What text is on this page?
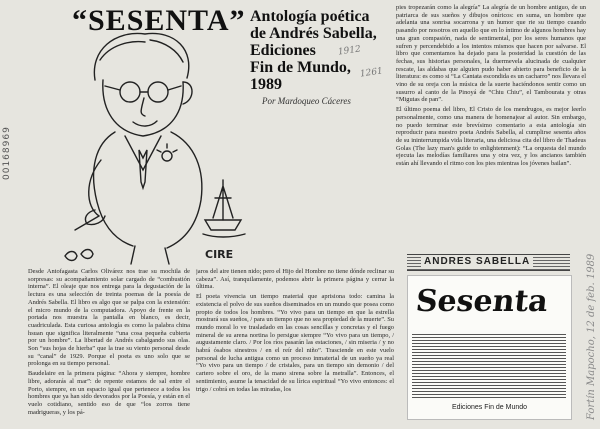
00168969
Fortín Mapocho, 12 de feb. 1989
“SESENTA” Antología poética
de Andrés Sabella,
Ediciones
Fin de Mundo,
1989
1912
1261
Por Mardoqueo Cáceres
CIRE

Desde Antofagasta Carlos Olivárez nos trae su mochila de sorpresas: su acompañamiento solar cargado de “combustión interna”. El oleaje que nos entrega para la degustación de la lectura es una selección de treinta poemas de la poesía de Andrés Sabella. El libro es algo que se palpa con la extensión: el micro mundo de la computadora. Apoyo de frente en la portada nos muestra la pantalla en blanco, es decir, cuadriculada. Esta curiosa antología es como la palabra china hsuan que significa literalmente “una cosa pequeña cubierta por un hombre”. La libertad de Andrés cabalgando sus olas. Son “sus hojas de hierba” que la trae su viento personal desde su “canal” de 1929. Porque el poeta es uno solo que se prolonga en su tiempo personal.

Baudelaire en la primera página: “Ahora y siempre, hombre libre, adorarás al mar”: de repente estamos de sal entre el Porto, siempre, en un espacio igual que pertenece a todos los hombres que ya han sido devorados por la Poesía, y están en el vuelo cotidiano, sentido eso de que “los zorros tiene madrigueras, y los pá-

jaros del aire tienen nido; pero el Hijo del Hombre no tiene dónde reclinar su cabeza”. Así, tranquilamente, podemos abrir la primera página y cerrar la última.

El poeta vivencia un tiempo material que aprisiona todo: camina la existencia el polvo de sus sueños diseminados en un mundo que posea como propio de todos los hombres. “Yo vivo para un tiempo en que la estrella mostrará sus sueños, / para un tiempo que no sea propiedad de la muerte”. Su mundo moral lo ve trasladado en las cosas sencillas y concretas y el fuego mineral de su arena nortina lo persigue siempre “Yo vivo para un tiempo, / augustamente claro. / Por los ríos pasarán las estaciones, / sin miseria / y no habrá ósabos sinestros / en el reír del niño”. Trasciende en este vuelo personal de lucha antigua como un proceso inmaterial de un sueño ya real “Yo vivo para un tiempo / de cristales, para un tiempo sin demonio / del cartero sobre el oro, de la mano sirena sobre la metralla”. Entonces, el sentimiento, asume la tenacidad de su lírica espiritual “Yo vivo entonces: el trigo / cobrá en todas las miradas, los

pies tropezarán como la alegría” La alegría de un hombre antiguo, de un patriarca de sus sueños y dibujos oníricos: en suma, un hombre que adelanta una sonrisa socarrona y un humor que rie su tiempo cuando pasando por nosotros en aquello que en lo íntimo de algunos hombres hay una gran compasión, nada de sentimental, por los seres humanos que sufren y percendebido a los intentos mismos que hacen por salvarse. El libro que comentamos ha dejado para la posteridad la cuestión de las fechas, sus historias personales, la duermevela alucinada de cualquier rescate, las aldabas que alguien pudo haber abierto para beneficio de la literatura: es como si “La Cantata escondida es un cacharro” nos llevara el vino de su oreja con la música de la suerte haciéndonos sentir como un susurro al canto de la Pinoyá de “Chiu Chiu”, el Tambourata y otras “Migutas de pan”.

El último poema del libro, El Cristo de los mendrugos, es mejor leerlo personalmente, como una manera de homenajear al autor. Sin embargo, no puedo terminar este brevísimo comentario a esta antología sin reproducir para nuestro poeta Andrés Sabella, al cumplirse sesenta años de su ininterrumpida vida literaria, una deliciosa cita del libro de Thadeus Golas (The lazy man's guide to enlightenment): “La orquesta del mundo ejecuta las melodías familiares una y otra vez, y los ancianos también están ahí llevando el ritmo con los pies mientras los jóvenes bailan”.

ANDRES SABELLA
Sesenta
Ediciones Fin de Mundo
